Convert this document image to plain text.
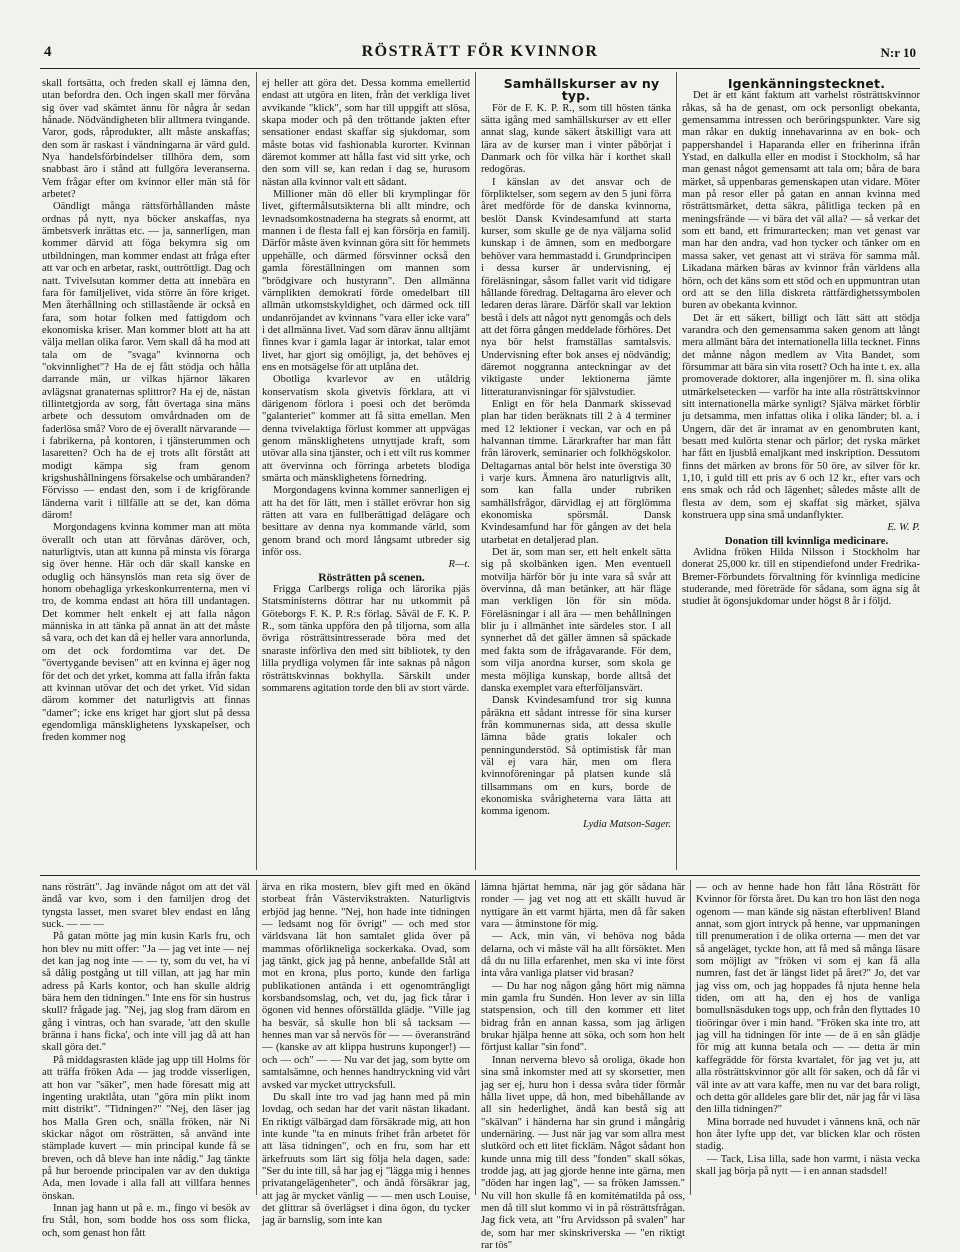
4	RÖSTRÄTT FÖR KVINNOR	N:r 10

skall fortsätta, och freden skall ej lämna den, utan befordra den. Och ingen skall mer förvåna sig över vad skämtet ännu för några år sedan hånade. Nödvändigheten blir alltmera tvingande. Varor, gods, råprodukter, allt måste anskaffas; den som är raskast i vändningarna är värd guld. Nya handelsförbindelser tillhöra dem, som snabbast äro i stånd att fullgöra leveranserna. Vem frågar efter om kvinnor eller män stå för arbetet?

Oändligt många rättsförhållanden måste ordnas på nytt, nya böcker anskaffas, nya ämbetsverk inrättas etc. — ja, sannerligen, man kommer därvid att föga bekymra sig om utbildningen, man kommer endast att fråga efter att var och en arbetar, raskt, outtröttligt. Dag och natt. Tvivelsutan kommer detta att innebära en fara för familjelivet, vida större än före kriget. Men återhållning och stillastående är också en fara, som hotar folken med fattigdom och ekonomiska kriser. Man kommer blott att ha att välja mellan olika faror. Vem skall då ha mod att tala om de "svaga" kvinnorna och "okvinnlighet"? Ha de ej fått stödja och hålla darrande män, ur vilkas hjärnor läkaren avlägsnat granaternas splittror? Ha ej de, nästan tillintetgjorda av sorg, fått övertaga sina mäns arbete och dessutom omvårdnaden om de faderlösa små? Voro de ej överallt närvarande — i fabrikerna, på kontoren, i tjänsterummen och lasaretten? Och ha de ej trots allt förstått att modigt kämpa sig fram genom krigshushållningens försakelse och umbäranden? Förvisso — endast den, som i de krigförande länderna varit i tillfälle att se det, kan döma därom!

Morgondagens kvinna kommer man att möta överallt och utan att förvånas däröver, och, naturligtvis, utan att kunna på minsta vis förarga sig över henne. Här och där skall kanske en oduglig och hänsynslös man reta sig över de honom obehagliga yrkeskonkurrenterna, men vi tro, de komma endast att höra till undantagen. Det kommer helt enkelt ej att falla någon människa in att tänka på annat än att det måste så vara, och det kan då ej heller vara annorlunda, om det ock fordomtima var det. De "övertygande bevisen" att en kvinna ej äger nog för det och det yrket, komma att falla ifrån fakta att kvinnan utövar det och det yrket. Vid sidan därom kommer det naturligtvis att finnas "damer"; icke ens kriget har gjort slut på dessa egendomliga mänsklighetens lyxskapelser, och freden kommer nog

ej heller att göra det. Dessa komma emellertid endast att utgöra en liten, från det verkliga livet avvikande "klick", som har till uppgift att slösa, skapa moder och på den tröttande jakten efter sensationer endast skaffar sig sjukdomar, som måste botas vid fashionabla kurorter. Kvinnan däremot kommer att hålla fast vid sitt yrke, och den som vill se, kan redan i dag se, hurusom nästan alla kvinnor valt ett sådant.

Millioner män dö eller bli krymplingar för livet, giftermålsutsikterna bli allt mindre, och levnadsomkostnaderna ha stegrats så enormt, att mannen i de flesta fall ej kan försörja en familj. Därför måste även kvinnan göra sitt för hemmets uppehälle, och därmed försvinner också den gamla föreställningen om mannen som "brödgivare och hustyrann". Den allmänna värnplikten demokrati förde omedelbart till allmän utkomstskyldighet, och därmed ock till undanröjandet av kvinnans "vara eller icke vara" i det allmänna livet. Vad som därav ännu alltjämt finnes kvar i gamla lagar är intorkat, talar emot livet, har gjort sig omöjligt, ja, det behöves ej ens en motsägelse för att utplåna det.

Obotliga kvarlevor av en utåldrig konservatism skola givetvis förklara, att vi därigenom förlora i poesi och det berömda "galanteriet" kommer att få sitta emellan. Men denna tvivelaktiga förlust kommer att uppvägas genom mänsklighetens utnyttjade kraft, som utövar alla sina tjänster, och i ett vilt rus kommer att övervinna och förringa arbetets blodiga smärta och mänsklighetens förnedring.

Morgondagens kvinna kommer sannerligen ej att ha det för lätt, men i stället erövrar hon sig rätten att vara en fullberättigad delägare och besittare av denna nya kommande värld, som genom brand och mord långsamt utbreder sig inför oss.

R—t.

Rösträtten på scenen.

Frigga Carlbergs roliga och lärorika pjäs Statsministerns döttrar har nu utkommit på Göteborgs F. K. P. R:s förlag. Såväl de F. K. P. R., som tänka uppföra den på tiljorna, som alla övriga rösträttsintresserade böra med det snaraste införliva den med sitt bibliotek, ty den lilla prydliga volymen får inte saknas på någon rösträttskvinnas bokhylla. Särskilt under sommarens agitation torde den bli av stort värde.

Samhällskurser av ny typ.

För de F. K. P. R., som till hösten tänka sätta igång med samhällskurser av ett eller annat slag, kunde säkert åtskilligt vara att lära av de kurser man i vinter påbörjat i Danmark och för vilka här i korthet skall redogöras.

I känslan av det ansvar och de förpliktelser, som segern av den 5 juni förra året medförde för de danska kvinnorna, beslöt Dansk Kvindesamfund att starta kurser, som skulle ge de nya väljarna solid kunskap i de ämnen, som en medborgare behöver vara hemmastadd i. Grundprincipen i dessa kurser är undervisning, ej föreläsningar, såsom fallet varit vid tidigare hållande föredrag. Deltagarna äro elever och ledaren deras lärare. Därför skall var lektion bestå i dels att något nytt genomgås och dels att det förra gången meddelade förhöres. Det nya bör helst framställas samtalsvis. Undervisning efter bok anses ej nödvändig; däremot noggranna anteckningar av det viktigaste under lektionerna jämte litteraturanvisningar för självstudier.

Enligt en för hela Danmark skissevad plan har tiden beräknats till 2 à 4 terminer med 12 lektioner i veckan, var och en på halvannan timme. Lärarkrafter har man fått från läroverk, seminarier och folkhögskolor. Deltagarnas antal bör helst inte överstiga 30 i varje kurs. Ämnena äro naturligtvis allt, som kan falla under rubriken samhällsfrågor, därvidlag ej att förglömma ekonomiska spörsmål. Dansk Kvindesamfund har för gången av det hela utarbetat en detaljerad plan.

Det är, som man ser, ett helt enkelt sätta sig på skolbänken igen. Men eventuell motvilja härför bör ju inte vara så svår att övervinna, då man betänker, att här fläge man verkligen lön för sin möda. Föreläsningar i all ära — men behållningen blir ju i allmänhet inte särdeles stor. I all synnerhet då det gäller ämnen så späckade med fakta som de ifrågavarande. För dem, som vilja anordna kurser, som skola ge mesta möjliga kunskap, borde alltså det danska exemplet vara efterföljansvärt.

Dansk Kvindesamfund tror sig kunna påräkna ett sådant intresse för sina kurser från kommunernas sida, att dessa skulle lämna både gratis lokaler och penningunderstöd. Så optimistisk får man väl ej vara här, men om flera kvinnoföreningar på platsen kunde slå tillsammans om en kurs, borde de ekonomiska svårigheterna vara lätta att komma igenom.

Lydia Matson-Sager.

Igenkänningstecknet.

Det är ett känt faktum att varhelst rösträttskvinnor råkas, så ha de genast, om ock personligt obekanta, gemensamma intressen och beröringspunkter. Vare sig man råkar en duktig innehavarinna av en bok- och pappershandel i Haparanda eller en friherinna ifrån Ystad, en dalkulla eller en modist i Stockholm, så har man genast något gemensamt att tala om; båra de bara märket, så uppenbaras gemenskapen utan vidare. Möter man på resor eller på gatan en annan kvinna med rösträttsmärket, detta säkra, pålitliga tecken på en meningsfrände — vi bära det väl alla? — så verkar det som ett band, ett frimurartecken; man vet genast var man har den andra, vad hon tycker och tänker om en massa saker, vet genast att vi sträva för samma mål. Likadana märken bäras av kvinnor från världens alla hörn, och det käns som ett stöd och en uppmuntran utan ord att se den lilla diskreta rättfärdighetssymbolen buren av obekanta kvinnor.

Det är ett säkert, billigt och lätt sätt att stödja varandra och den gemensamma saken genom att långt mera allmänt bära det internationella lilla tecknet. Finns det månne någon medlem av Vita Bandet, som försummar att bära sin vita rosett? Och ha inte t. ex. alla promoverade doktorer, alla ingenjörer m. fl. sina olika utmärkelsetecken — varför ha inte alla rösträttskvinnor sitt internationella märke synligt? Själva märket förblir ju detsamma, men infattas olika i olika länder; bl. a. i Ungern, där det är inramat av en genombruten kant, besatt med kulörta stenar och pärlor; det ryska märket har fått en ljusblå emaljkant med inskription. Dessutom finns det märken av brons för 50 öre, av silver för kr. 1,10, i guld till ett pris av 6 och 12 kr., efter vars och ens smak och råd och lägenhet; således måste allt de flesta av dem, som ej skaffat sig märket, själva konstruera upp sina små undanflykter.

E. W. P.

Donation till kvinnliga medicinare.

Avlidna fröken Hilda Nilsson i Stockholm har donerat 25,000 kr. till en stipendiefond under Fredrika-Bremer-Förbundets förvaltning för kvinnliga medicine studerande, med företräde för sådana, som ägna sig åt studiet åt ögonsjukdomar under högst 8 år i följd.

nans rösträtt". Jag invände något om att det väl ändå var kvo, som i den familjen drog det tyngsta lasset, men svaret blev endast en lång suck. — — —

På gatan mötte jag min kusin Karls fru, och hon blev nu mitt offer: "Ja — jag vet inte — nej det kan jag nog inte — — ty, som du vet, ha vi så dålig postgång ut till villan, att jag har min adress på Karls kontor, och han skulle aldrig bära hem den tidningen." Inte ens för sin hustrus skull? frågade jag. "Nej, jag slog fram därom en gång i vintras, och han svarade, 'att den skulle bränna i hans ficka', och inte vill jag då att han skall göra det."

På middagsrasten kläde jag upp till Holms för att träffa fröken Ada — jag trodde visserligen, att hon var "säker", men hade föresatt mig att ingenting uraktlåta, utan "göra min plikt inom mitt distrikt". "Tidningen?" "Nej, den läser jag hos Malla Gren och, snälla fröken, när Ni skickar något om rösträtten, så använd inte stämplade kuvert — min principal kunde få se breven, och då bleve han inte nådig." Jag tänkte på hur beroende principalen var av den duktiga Ada, men lovade i alla fall att villfara hennes önskan.

Innan jag hann ut på e. m., fingo vi besök av fru Stål, hon, som bodde hos oss som flicka, och, som genast hon fått

ärva en rika mostern, blev gift med en ökänd storbeat från Västervikstrakten. Naturligtvis erbjöd jag henne. "Nej, hon hade inte tidningen — ledsamt nog för övrigt" — och med stor världsvana lät hon samtalet glida över på mammas oförlikneliga sockerkaka. Ovad, som jag tänkt, gick jag på henne, anbefallde Stål att mot en krona, plus porto, kunde den farliga publikationen antända i ett ogenomträngligt korsbandsomslag, och, vet du, jag fick tårar i ögonen vid hennes oförställda glädje. "Ville jag ha besvär, så skulle hon bli så tacksam — hennes man var så nervös för — — överanstränd — (kanske av att klippa hustruns kuponger!) — och — och" — — Nu var det jag, som bytte om samtalsämne, och hennes handtryckning vid vårt avsked var mycket uttrycksfull.

Du skall inte tro vad jag hann med på min lovdag, och sedan har det varit nästan likadant. En riktigt välbärgad dam försäkrade mig, att hon inte kunde "ta en minuts frihet från arbetet för att läsa tidningen", och en fru, som har ett ärkefruuts som lärt sig följa hela dagen, sade: "Ser du inte till, så har jag ej "lägga mig i hennes privatangelägenheter", och ändå försäkrar jag, att jag är mycket vänlig — — men usch Louise, det glittrar så överlägset i dina ögon, du tycker jag är barnslig, som inte kan

lämna hjärtat hemma, när jag gör sådana här ronder — jag vet nog att ett skällt huvud är nyttigare än ett varmt hjärta, men då får saken vara — åtminstone för mig.

— Ack, min vän, vi behöva nog båda delarna, och vi måste väl ha allt försöktet. Men då du nu lilla erfarenhet, men ska vi inte först inta våra vanliga platser vid brasan?

— Du har nog någon gång hört mig nämna min gamla fru Sundén. Hon lever av sin lilla statspension, och till den kommer ett litet bidrag från en annan kassa, som jag ärligen brukar hjälpa henne att söka, och som hon helt förtjust kallar "sin fond".

Innan nerverna blevo så oroliga, ökade hon sina små inkomster med att sy skorsetter, men jag ser ej, huru hon i dessa svåra tider förmår hålla livet uppe, då hon, med bibehållande av all sin hederlighet, ändå kan bestå sig att "skälvan" i händerna har sin grund i mångårig undernäring. — Just när jag var som allra mest slutkörd och ett litet fickläm. Något sådant hon kunde unna mig till dess "fonden" skall sökas, trodde jag, att jag gjorde henne inte gärna, men "döden har ingen lag", — sa fröken Jamssen." Nu vill hon skulle få en komitématilda på oss, men då till slut kommo vi in på rösträttsfrågan. Jag fick veta, att "fru Arvidsson på svalen" har de, som har mer skinskriverska — "en riktigt rar tös"

— och av henne hade hon fått låna Rösträtt för Kvinnor för första året. Du kan tro hon läst den noga ogenom — man kände sig nästan efterbliven! Bland annat, som gjort intryck på henne, var uppmaningen till prenumeration i de olika orterna — men det var så angeläget, tyckte hon, att få med så många läsare som möjligt av "fröken vi som ej kan få alla numren, fast det är längst lidet på året?" Jo, det var jag viss om, och jag hoppades få njuta henne hela tiden, om att ha, den ej hos de vanliga bomullsnäsduken togs upp, och från den flyttades 10 tioöringar över i min hand. "Fröken ska inte tro, att jag vill ha tidningen för inte — de ä en sån glädje för mig att kunna betala och — — detta är min kaffegrädde för första kvartalet, för jag vet ju, att alla rösträttskvinnor gör allt för saken, och då får vi väl inte av att vara kaffe, men nu var det bara roligt, och detta gör alldeles gare blir det, när jag får vi läsa den lilla tidningen?"

Mina borrade ned huvudet i vännens knä, och när hon åter lyfte upp det, var blicken klar och rösten stadig.

— Tack, Lisa lilla, sade hon varmt, i nästa vecka skall jag börja på nytt — i en annan stadsdel!
